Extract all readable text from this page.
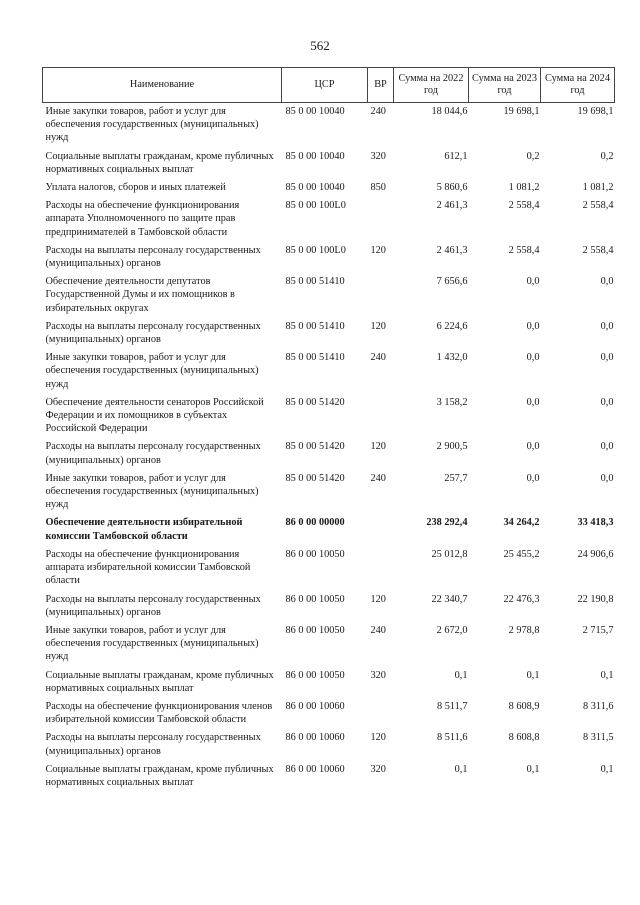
562
Наименование	ЦСР	ВР	Сумма на 2022 год	Сумма на 2023 год	Сумма на 2024 год
Иные закупки товаров, работ и услуг для обеспечения государственных (муниципальных) нужд	85 0 00 10040	240	18 044,6	19 698,1	19 698,1
Социальные выплаты гражданам, кроме публичных нормативных социальных выплат	85 0 00 10040	320	612,1	0,2	0,2
Уплата налогов, сборов и иных платежей	85 0 00 10040	850	5 860,6	1 081,2	1 081,2
Расходы на обеспечение функционирования аппарата Уполномоченного по защите прав предпринимателей в Тамбовской области	85 0 00 100L0		2 461,3	2 558,4	2 558,4
Расходы на выплаты персоналу государственных (муниципальных) органов	85 0 00 100L0	120	2 461,3	2 558,4	2 558,4
Обеспечение деятельности депутатов Государственной Думы и их помощников в избирательных округах	85 0 00 51410		7 656,6	0,0	0,0
Расходы на выплаты персоналу государственных (муниципальных) органов	85 0 00 51410	120	6 224,6	0,0	0,0
Иные закупки товаров, работ и услуг для обеспечения государственных (муниципальных) нужд	85 0 00 51410	240	1 432,0	0,0	0,0
Обеспечение деятельности сенаторов Российской Федерации и их помощников в субъектах Российской Федерации	85 0 00 51420		3 158,2	0,0	0,0
Расходы на выплаты персоналу государственных (муниципальных) органов	85 0 00 51420	120	2 900,5	0,0	0,0
Иные закупки товаров, работ и услуг для обеспечения государственных (муниципальных) нужд	85 0 00 51420	240	257,7	0,0	0,0
Обеспечение деятельности избирательной комиссии Тамбовской области	86 0 00 00000		238 292,4	34 264,2	33 418,3
Расходы на обеспечение функционирования аппарата избирательной комиссии Тамбовской области	86 0 00 10050		25 012,8	25 455,2	24 906,6
Расходы на выплаты персоналу государственных (муниципальных) органов	86 0 00 10050	120	22 340,7	22 476,3	22 190,8
Иные закупки товаров, работ и услуг для обеспечения государственных (муниципальных) нужд	86 0 00 10050	240	2 672,0	2 978,8	2 715,7
Социальные выплаты гражданам, кроме публичных нормативных социальных выплат	86 0 00 10050	320	0,1	0,1	0,1
Расходы на обеспечение функционирования членов избирательной комиссии Тамбовской области	86 0 00 10060		8 511,7	8 608,9	8 311,6
Расходы на выплаты персоналу государственных (муниципальных) органов	86 0 00 10060	120	8 511,6	8 608,8	8 311,5
Социальные выплаты гражданам, кроме публичных нормативных социальных выплат	86 0 00 10060	320	0,1	0,1	0,1
